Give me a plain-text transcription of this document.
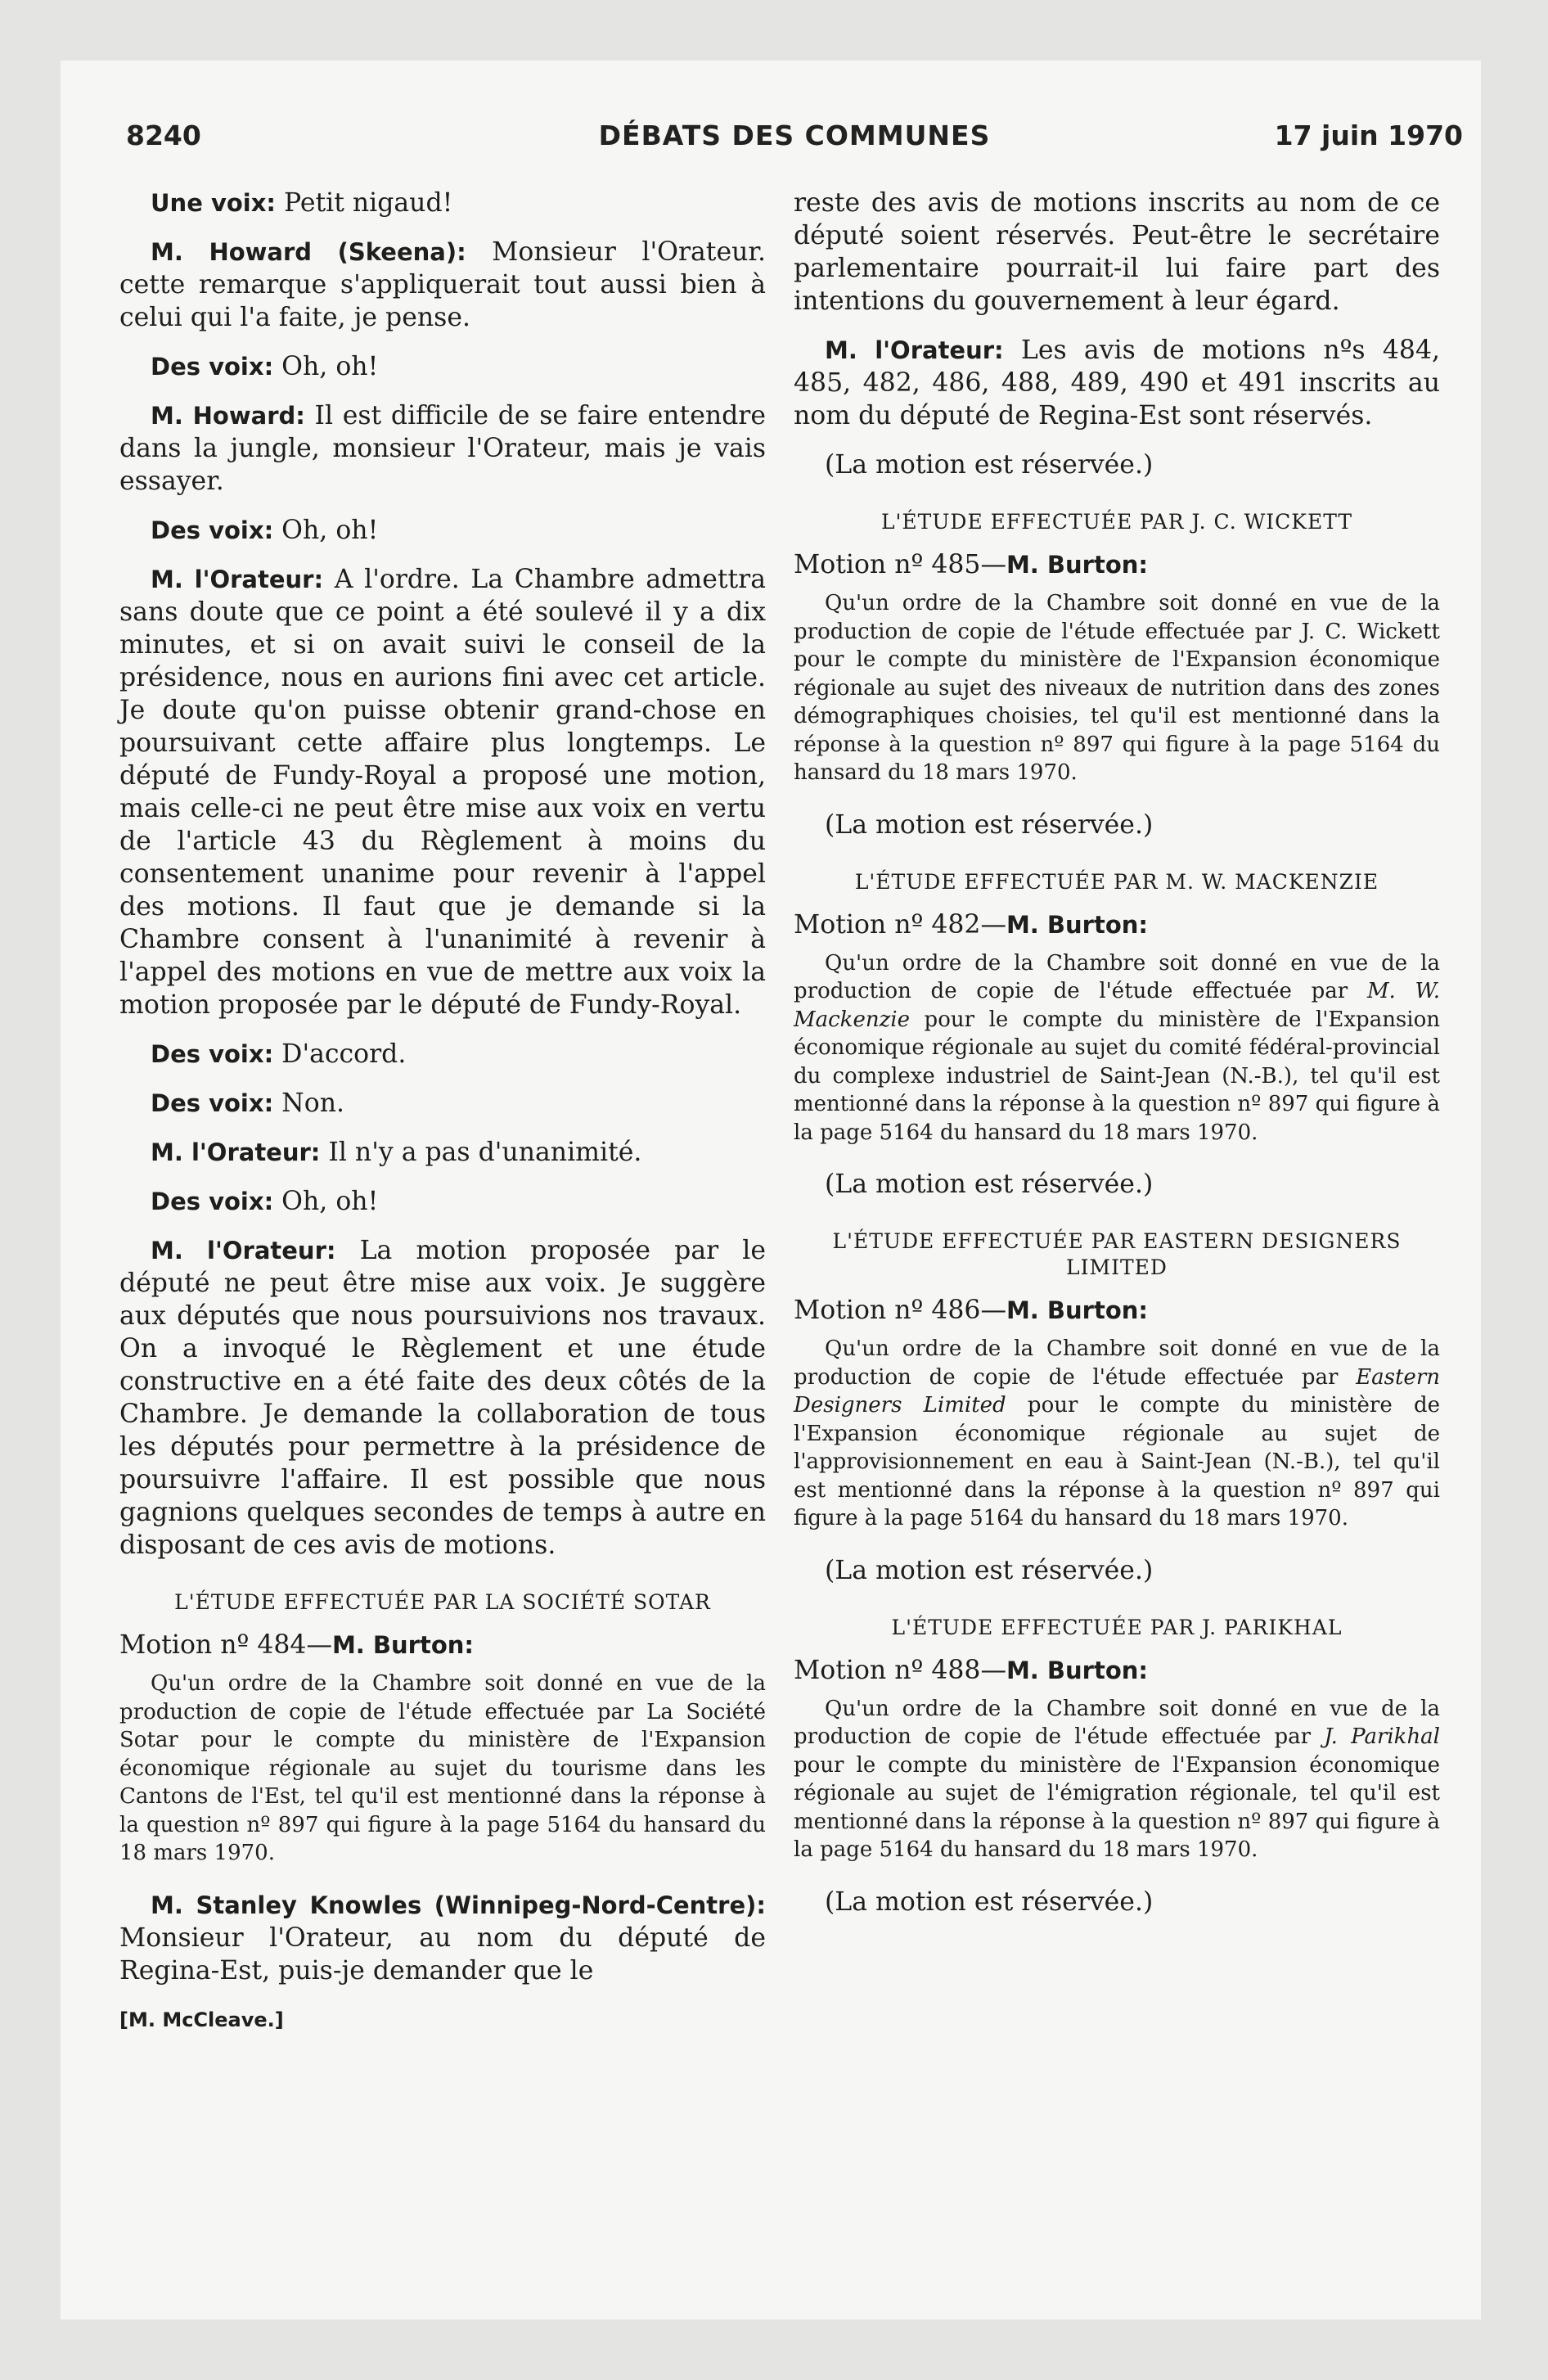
DÉBATS DES COMMUNES
8240	17 juin 1970

Une voix: Petit nigaud!

M. Howard (Skeena): Monsieur l'Orateur. cette remarque s'appliquerait tout aussi bien à celui qui l'a faite, je pense.

Des voix: Oh, oh!

M. Howard: Il est difficile de se faire entendre dans la jungle, monsieur l'Orateur, mais je vais essayer.

Des voix: Oh, oh!

M. l'Orateur: A l'ordre. La Chambre admettra sans doute que ce point a été soulevé il y a dix minutes, et si on avait suivi le conseil de la présidence, nous en aurions fini avec cet article. Je doute qu'on puisse obtenir grand-chose en poursuivant cette affaire plus longtemps. Le député de Fundy-Royal a proposé une motion, mais celle-ci ne peut être mise aux voix en vertu de l'article 43 du Règlement à moins du consentement unanime pour revenir à l'appel des motions. Il faut que je demande si la Chambre consent à l'unanimité à revenir à l'appel des motions en vue de mettre aux voix la motion proposée par le député de Fundy-Royal.

Des voix: D'accord.

Des voix: Non.

M. l'Orateur: Il n'y a pas d'unanimité.

Des voix: Oh, oh!

M. l'Orateur: La motion proposée par le député ne peut être mise aux voix. Je suggère aux députés que nous poursuivions nos travaux. On a invoqué le Règlement et une étude constructive en a été faite des deux côtés de la Chambre. Je demande la collaboration de tous les députés pour permettre à la présidence de poursuivre l'affaire. Il est possible que nous gagnions quelques secondes de temps à autre en disposant de ces avis de motions.

L'ÉTUDE EFFECTUÉE PAR LA SOCIÉTÉ SOTAR

Motion nº 484—M. Burton:

Qu'un ordre de la Chambre soit donné en vue de la production de copie de l'étude effectuée par La Société Sotar pour le compte du ministère de l'Expansion économique régionale au sujet du tourisme dans les Cantons de l'Est, tel qu'il est mentionné dans la réponse à la question nº 897 qui figure à la page 5164 du hansard du 18 mars 1970.

M. Stanley Knowles (Winnipeg-Nord-Centre): Monsieur l'Orateur, au nom du député de Regina-Est, puis-je demander que le

[M. McCleave.]

reste des avis de motions inscrits au nom de ce député soient réservés. Peut-être le secrétaire parlementaire pourrait-il lui faire part des intentions du gouvernement à leur égard.

M. l'Orateur: Les avis de motions nºs 484, 485, 482, 486, 488, 489, 490 et 491 inscrits au nom du député de Regina-Est sont réservés.

(La motion est réservée.)

L'ÉTUDE EFFECTUÉE PAR J. C. WICKETT

Motion nº 485—M. Burton:

Qu'un ordre de la Chambre soit donné en vue de la production de copie de l'étude effectuée par J. C. Wickett pour le compte du ministère de l'Expansion économique régionale au sujet des niveaux de nutrition dans des zones démographiques choisies, tel qu'il est mentionné dans la réponse à la question nº 897 qui figure à la page 5164 du hansard du 18 mars 1970.

(La motion est réservée.)

L'ÉTUDE EFFECTUÉE PAR M. W. MACKENZIE

Motion nº 482—M. Burton:

Qu'un ordre de la Chambre soit donné en vue de la production de copie de l'étude effectuée par M. W. Mackenzie pour le compte du ministère de l'Expansion économique régionale au sujet du comité fédéral-provincial du complexe industriel de Saint-Jean (N.-B.), tel qu'il est mentionné dans la réponse à la question nº 897 qui figure à la page 5164 du hansard du 18 mars 1970.

(La motion est réservée.)

L'ÉTUDE EFFECTUÉE PAR EASTERN DESIGNERS LIMITED

Motion nº 486—M. Burton:

Qu'un ordre de la Chambre soit donné en vue de la production de copie de l'étude effectuée par Eastern Designers Limited pour le compte du ministère de l'Expansion économique régionale au sujet de l'approvisionnement en eau à Saint-Jean (N.-B.), tel qu'il est mentionné dans la réponse à la question nº 897 qui figure à la page 5164 du hansard du 18 mars 1970.

(La motion est réservée.)

L'ÉTUDE EFFECTUÉE PAR J. PARIKHAL

Motion nº 488—M. Burton:

Qu'un ordre de la Chambre soit donné en vue de la production de copie de l'étude effectuée par J. Parikhal pour le compte du ministère de l'Expansion économique régionale au sujet de l'émigration régionale, tel qu'il est mentionné dans la réponse à la question nº 897 qui figure à la page 5164 du hansard du 18 mars 1970.

(La motion est réservée.)
